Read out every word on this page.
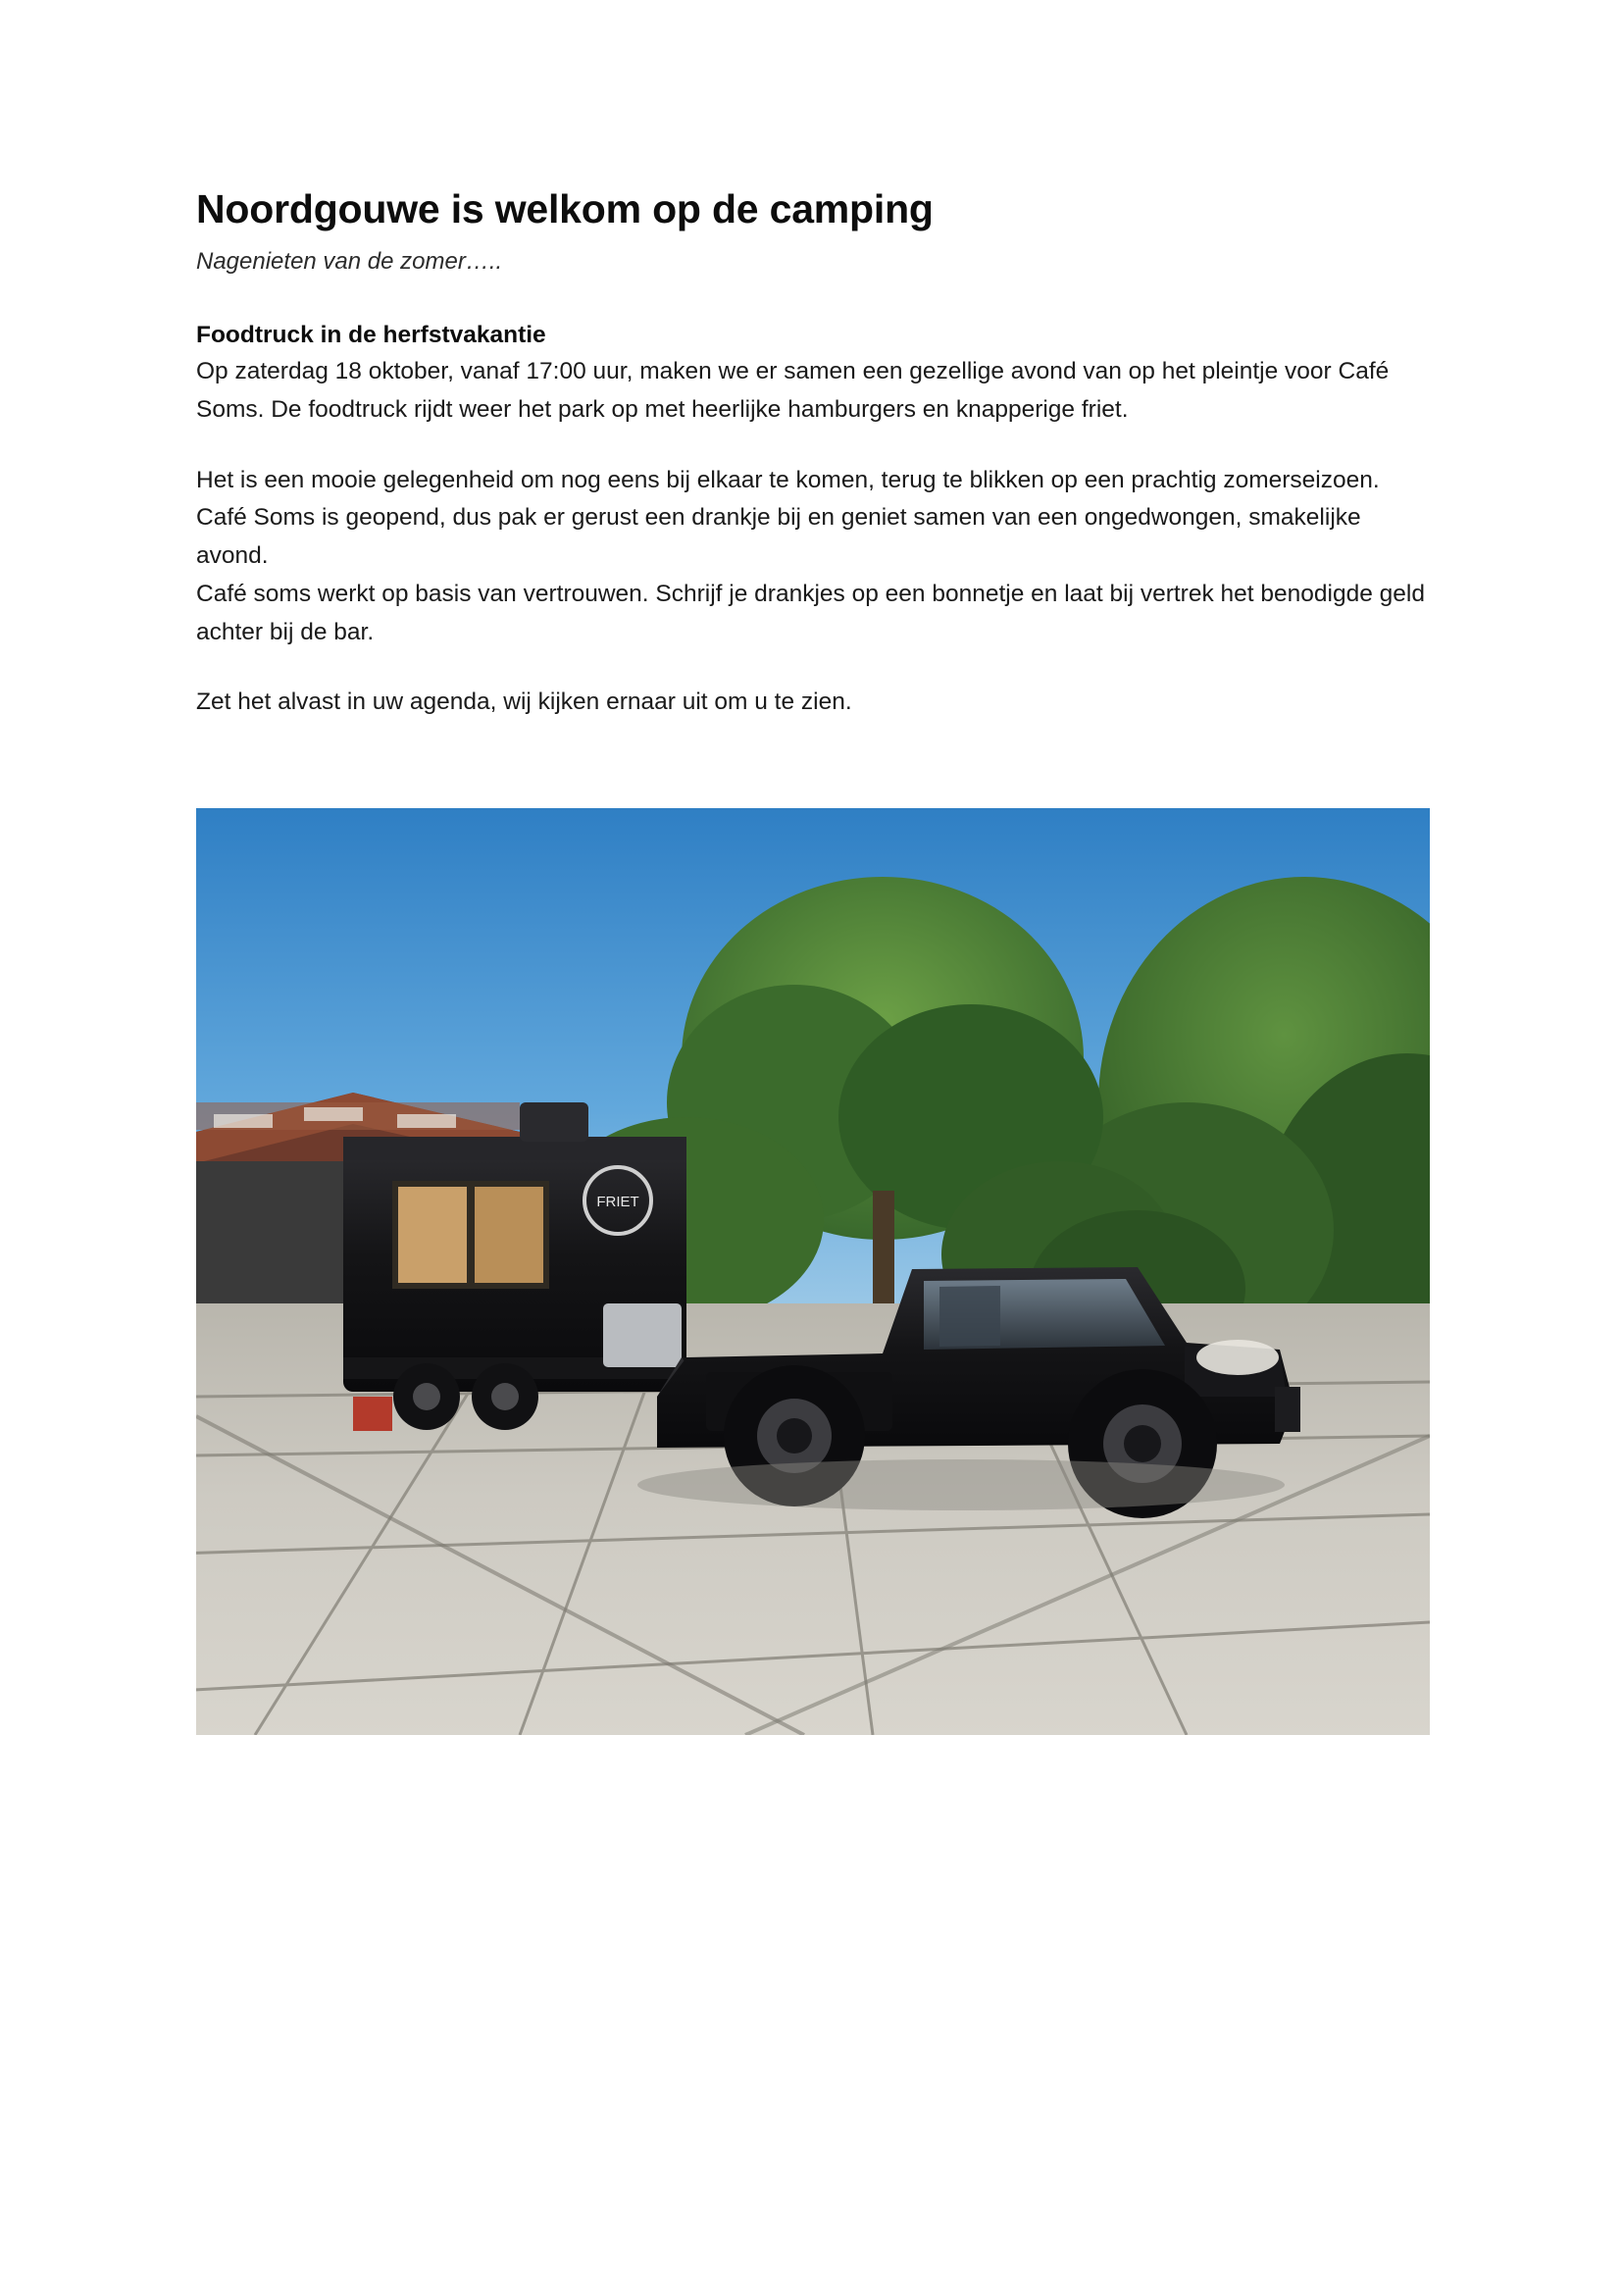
Noordgouwe is welkom op de camping
Nagenieten van de zomer…..
Foodtruck in de herfstvakantie

Op zaterdag 18 oktober, vanaf 17:00 uur, maken we er samen een gezellige avond van op het pleintje voor Café Soms. De foodtruck rijdt weer het park op met heerlijke hamburgers en knapperige friet.

Het is een mooie gelegenheid om nog eens bij elkaar te komen, terug te blikken op een prachtig zomerseizoen. Café Soms is geopend, dus pak er gerust een drankje bij en geniet samen van een ongedwongen, smakelijke avond.

Café soms werkt op basis van vertrouwen. Schrijf je drankjes op een bonnetje en laat bij vertrek het benodigde geld achter bij de bar.

Zet het alvast in uw agenda, wij kijken ernaar uit om u te zien.

FRIET
